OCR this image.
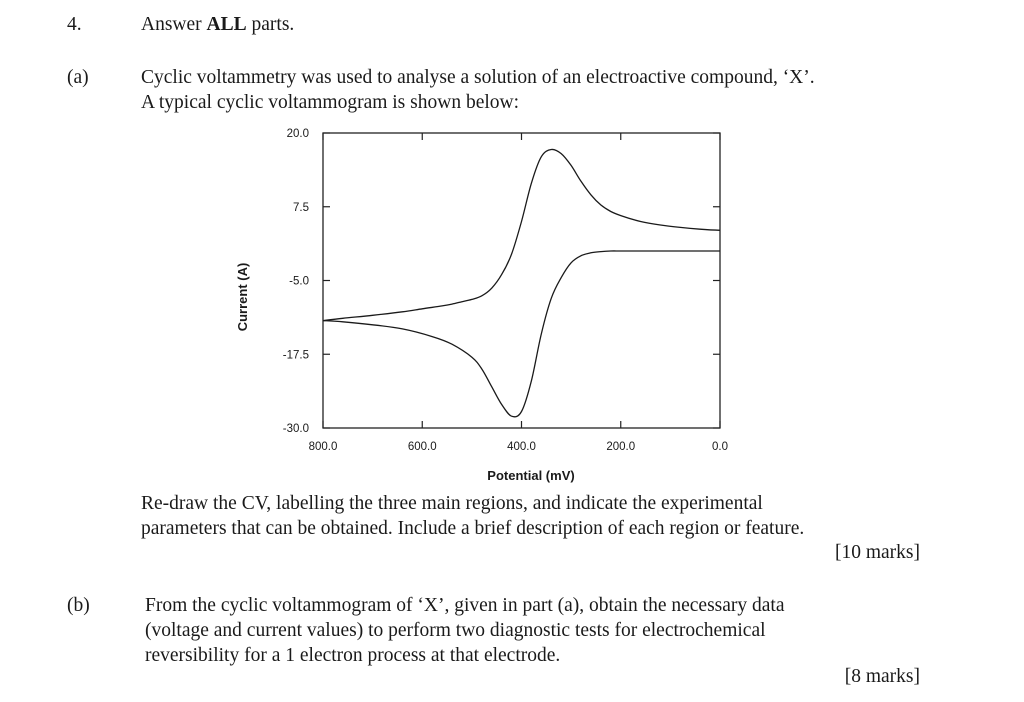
4.	Answer ALL parts.
(a)	Cyclic voltammetry was used to analyse a solution of an electroactive compound, ‘X’.
A typical cyclic voltammogram is shown below:
800.0	600.0	400.0	200.0	0.0
20.0
7.5
-5.0
-17.5
-30.0
Current (A)
Potential (mV)
Re-draw the CV, labelling the three main regions, and indicate the experimental
parameters that can be obtained. Include a brief description of each region or feature.
[10 marks]
(b)	From the cyclic voltammogram of ‘X’, given in part (a), obtain the necessary data
(voltage and current values) to perform two diagnostic tests for electrochemical
reversibility for a 1 electron process at that electrode.
[8 marks]
